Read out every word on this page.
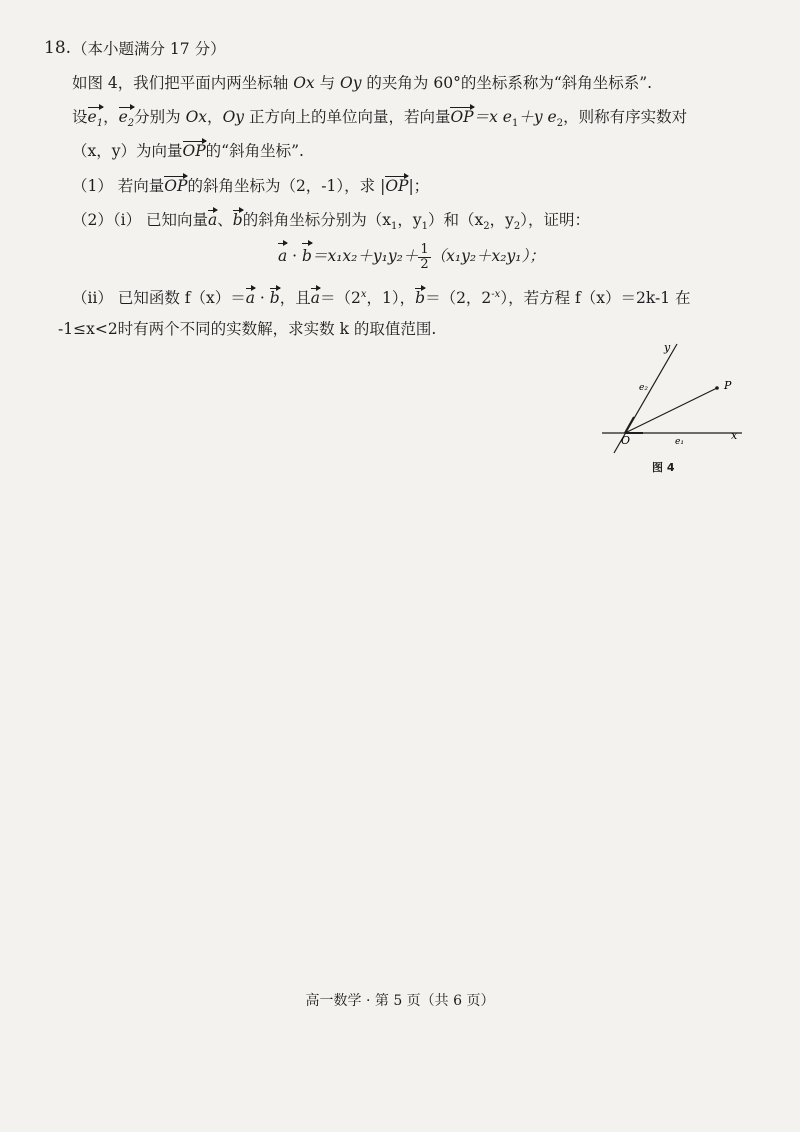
18. （本小题满分 17 分）
如图 4，我们把平面内两坐标轴 Ox 与 Oy 的夹角为 60°的坐标系称为“斜角坐标系”.
设$e_1$，$e_2$分别为 Ox，Oy 正方向上的单位向量，若向量OP＝x $e_1+y$ $e_2$，则称有序实数对
（x，y）为向量OP的“斜角坐标”.
（1） 若向量OP的斜角坐标为（2，-1），求 |OP|；
（2）（ⅰ） 已知向量a、b的斜角坐标分别为（$x_1$，$y_1$）和（$x_2$，$y_2$），证明：
$a \cdot b=x_1x_2+y_1y_2+ \frac{1}{2} (x_1y_2+x_2y_1)$；
（ⅱ） 已知函数 f（x）＝a · b，且$a=(2^x$，1），b＝（2，$2^{-x}$），若方程 f（x）＝2k-1 在
-1≤x<2时有两个不同的实数解，求实数 k 的取值范围.
y
x
O
P
e₂
e₁
图 4
高一数学 · 第 5 页（共 6 页）
